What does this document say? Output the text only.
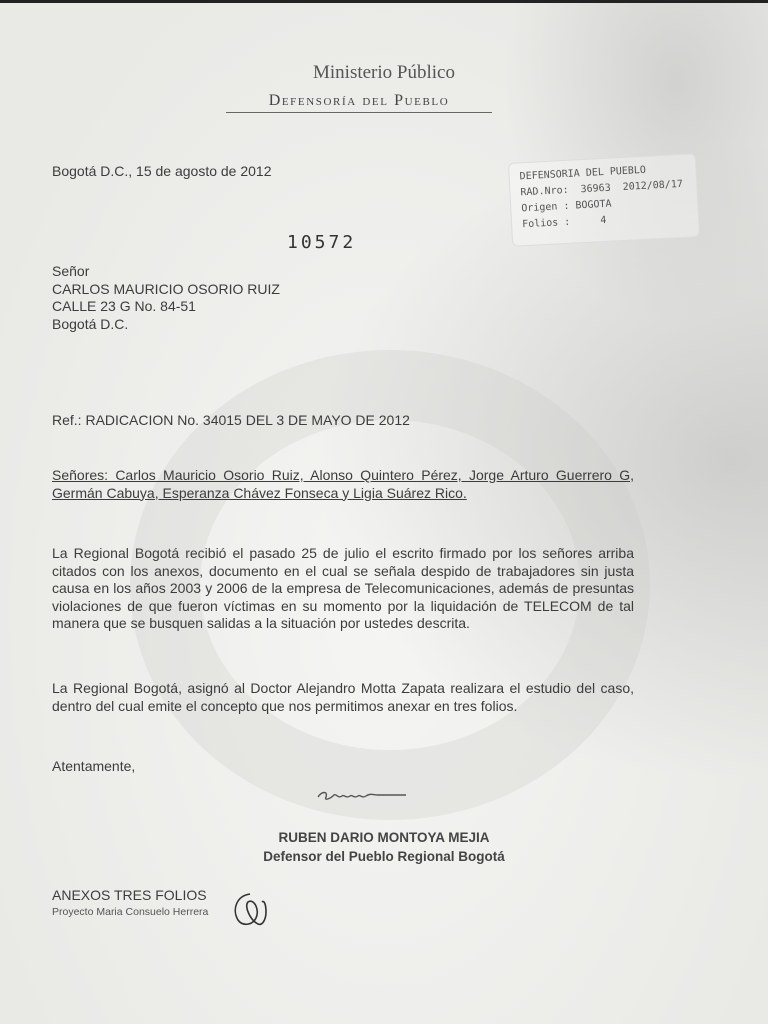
Ministerio Público
Defensoría del Pueblo
Bogotá D.C., 15 de agosto de 2012	DEFENSORIA DEL PUEBLO
RAD.Nro:  36963  2012/08/17
Origen : BOGOTA
Folios :     4
10572
Señor
CARLOS MAURICIO OSORIO RUIZ
CALLE 23 G No. 84-51
Bogotá D.C.
Ref.: RADICACION No. 34015 DEL 3 DE MAYO DE 2012
Señores: Carlos Mauricio Osorio Ruiz, Alonso Quintero Pérez, Jorge Arturo Guerrero G, Germán Cabuya, Esperanza Chávez Fonseca y Ligia Suárez Rico.
La Regional Bogotá recibió el pasado 25 de julio el escrito firmado por los señores arriba citados con los anexos, documento en el cual se señala despido de trabajadores sin justa causa en los años 2003 y 2006 de la empresa de Telecomunicaciones, además de presuntas violaciones de que fueron víctimas en su momento por la liquidación de TELECOM de tal manera que se busquen salidas a la situación por ustedes descrita.
La Regional Bogotá, asignó al Doctor Alejandro Motta Zapata realizara el estudio del caso, dentro del cual emite el concepto que nos permitimos anexar en tres folios.
Atentamente,
RUBEN DARIO MONTOYA MEJIA
Defensor del Pueblo Regional Bogotá
ANEXOS TRES FOLIOS
Proyecto Maria Consuelo Herrera
